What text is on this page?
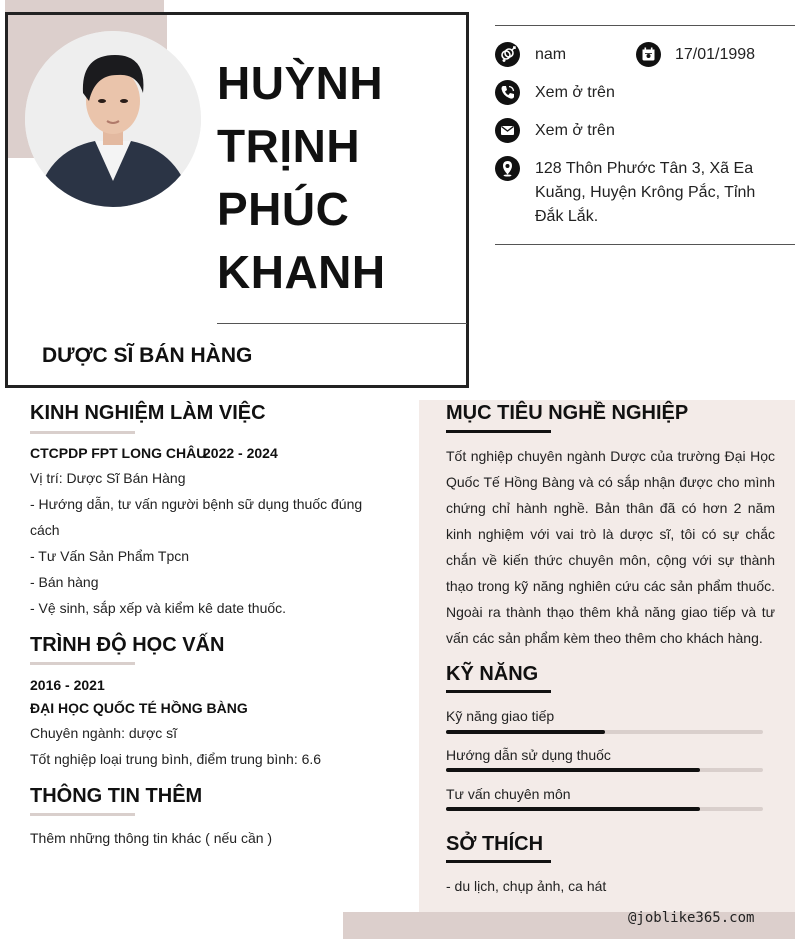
HUỲNH
TRỊNH
PHÚC
KHANH
DƯỢC SĨ BÁN HÀNG
nam	17/01/1998
Xem ở trên
Xem ở trên
128 Thôn Phước Tân 3, Xã Ea
Kuăng, Huyện Krông Pắc, Tỉnh
Đắk Lắk.
@joblike365.com
KINH NGHIỆM LÀM VIỆC
CTCPDP FPT LONG CHÂU
2022 - 2024
Vị trí: Dược Sĩ Bán Hàng
- Hướng dẫn, tư vấn người bệnh sữ dụng thuốc đúng
cách
- Tư Vấn Sản Phẩm Tpcn
- Bán hàng
- Vệ sinh, sắp xếp và kiểm kê date thuốc.
TRÌNH ĐỘ HỌC VẤN
2016 - 2021
ĐẠI HỌC QUỐC TÉ HỒNG BÀNG
Chuyên ngành: dược sĩ
Tốt nghiệp loại trung bình, điểm trung bình: 6.6
THÔNG TIN THÊM
Thêm những thông tin khác ( nếu cần )
MỤC TIÊU NGHỀ NGHIỆP
Tốt nghiệp chuyên ngành Dược của trường Đại Học Quốc Tế Hồng Bàng và có sắp nhận được cho mình chứng chỉ hành nghề. Bản thân đã có hơn 2 năm kinh nghiệm với vai trò là dược sĩ, tôi có sự chắc chắn về kiến thức chuyên môn, cộng với sự thành thạo trong kỹ năng nghiên cứu các sản phẩm thuốc. Ngoài ra thành thạo thêm khả năng giao tiếp và tư vấn các sản phẩm kèm theo thêm cho khách hàng.
KỸ NĂNG
Kỹ năng giao tiếp
Hướng dẫn sử dụng thuốc
Tư vấn chuyên môn
SỞ THÍCH
- du lịch, chụp ảnh, ca hát
